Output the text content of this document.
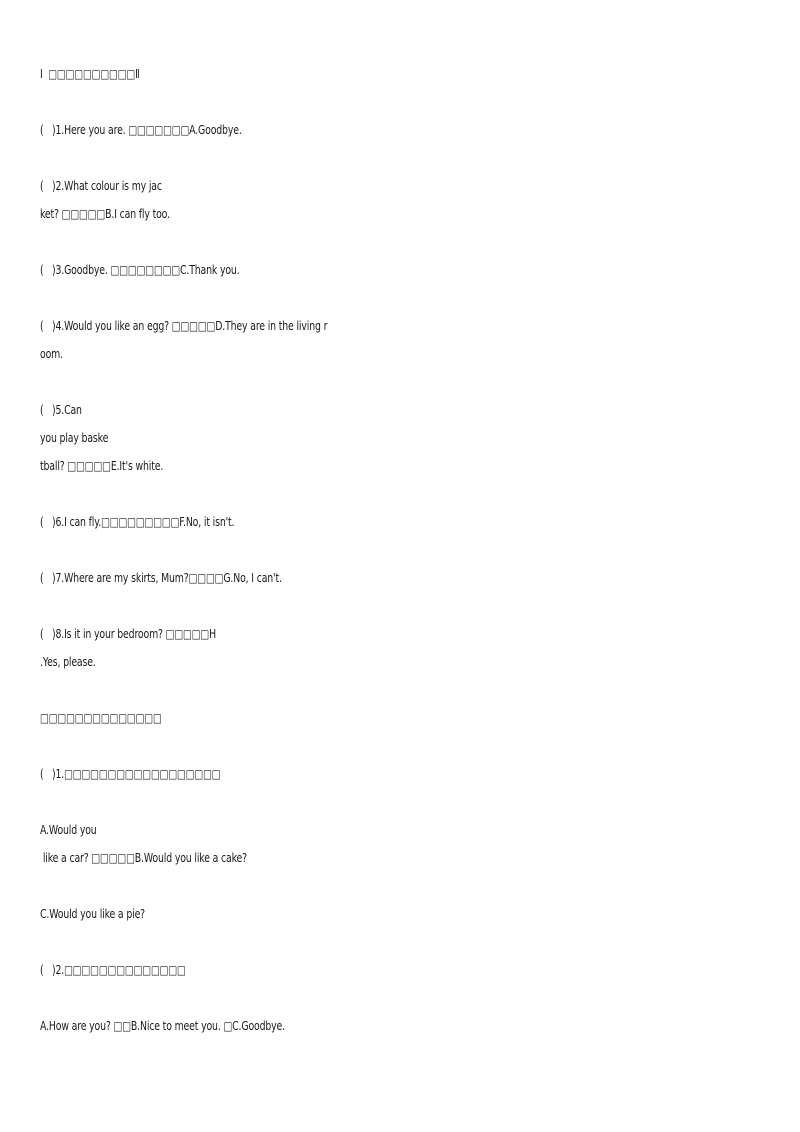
Ⅰ  □□□□□□□□□□Ⅱ
(   )1.Here you are. □□□□□□□A.Goodbye.
(   )2.What colour is my jac
ket? □□□□□B.I can fly too.
(   )3.Goodbye. □□□□□□□□C.Thank you.
(   )4.Would you like an egg? □□□□□D.They are in the living r
oom.
(   )5.Can
you play baske
tball? □□□□□E.It's white.
(   )6.I can fly.□□□□□□□□□F.No, it isn't.
(   )7.Where are my skirts, Mum?□□□□G.No, I can't.
(   )8.Is it in your bedroom? □□□□□H
.Yes, please.
□□□□□□□□□□□□□□
(   )1.□□□□□□□□□□□□□□□□□□
A.Would you
like a car? □□□□□B.Would you like a cake?
C.Would you like a pie?
(   )2.□□□□□□□□□□□□□□
A.How are you? □□B.Nice to meet you. □C.Goodbye.
